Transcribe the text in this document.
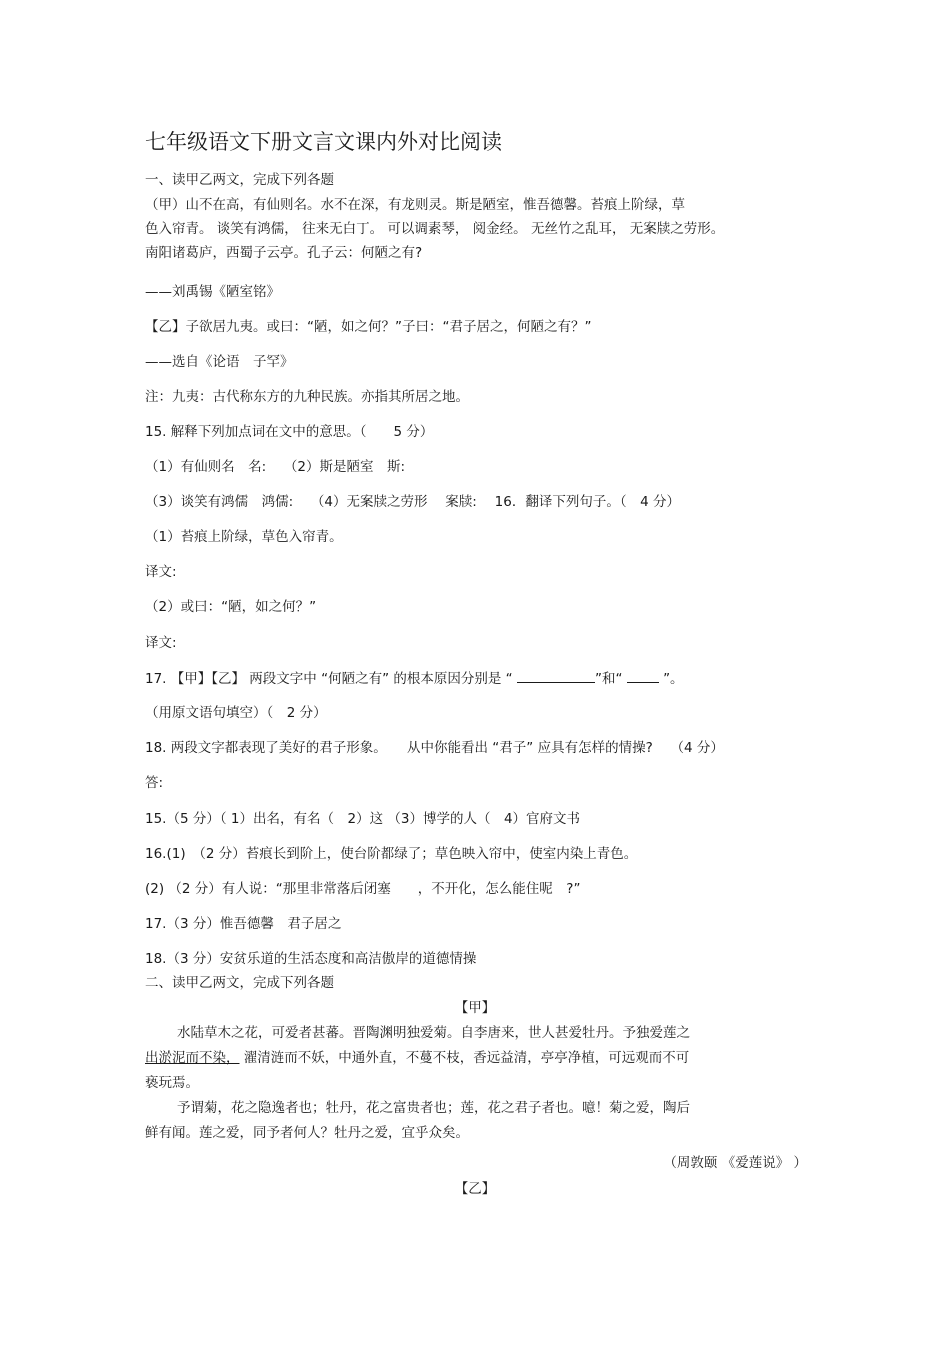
七年级语文下册文言文课内外对比阅读
一、读甲乙两文，完成下列各题
（甲）山不在高，有仙则名。水不在深，有龙则灵。斯是陋室，惟吾德馨。苔痕上阶绿，草
色入帘青。 谈笑有鸿儒， 往来无白丁。 可以调素琴， 阅金经。 无丝竹之乱耳， 无案牍之劳形。
南阳诸葛庐，西蜀子云亭。孔子云：何陋之有?
——刘禹锡《陋室铭》
【乙】子欲居九夷。或曰：“陋，如之何？”子曰：“君子居之，何陋之有？”
——选自《论语　子罕》
注：九夷：古代称东方的九种民族。亦指其所居之地。
15. 解释下列加点词在文中的意思。（　　5 分）
（1）有仙则名　名:　 （2）斯是陋室　斯:
（3）谈笑有鸿儒　鸿儒:　 （4）无案牍之劳形　 案牍:　 16．翻译下列句子。（　4 分）
（1）苔痕上阶绿，草色入帘青。
译文:
（2）或曰：“陋，如之何？”
译文:
17. 【甲】【乙】 两段文字中 “何陋之有” 的根本原因分别是 “	”和“	”。
（用原文语句填空）（　2 分）
18. 两段文字都表现了美好的君子形象。　　从中你能看出 “君子” 应具有怎样的情操?　 （4 分）
答:
15.（5 分）（ 1）出名，有名（　2）这 （3）博学的人（　4）官府文书
16.(1)　（2 分）苔痕长到阶上，使台阶都绿了；草色映入帘中，使室内染上青色。
(2) （2 分）有人说：“那里非常落后闭塞　　，不开化，怎么能住呢　?”
17.（3 分）惟吾德馨　君子居之
18.（3 分）安贫乐道的生活态度和高洁傲岸的道德情操
二、读甲乙两文，完成下列各题
【甲】
水陆草木之花，可爱者甚蕃。晋陶渊明独爱菊。自李唐来，世人甚爱牡丹。予独爱莲之
出淤泥而不染， 濯清涟而不妖，中通外直，不蔓不枝，香远益清，亭亭净植，可远观而不可
亵玩焉。
予谓菊，花之隐逸者也；牡丹，花之富贵者也；莲，花之君子者也。噫！菊之爱，陶后
鲜有闻。莲之爱，同予者何人？牡丹之爱，宜乎众矣。
（周敦颐 《爱莲说》 ）
【乙】
